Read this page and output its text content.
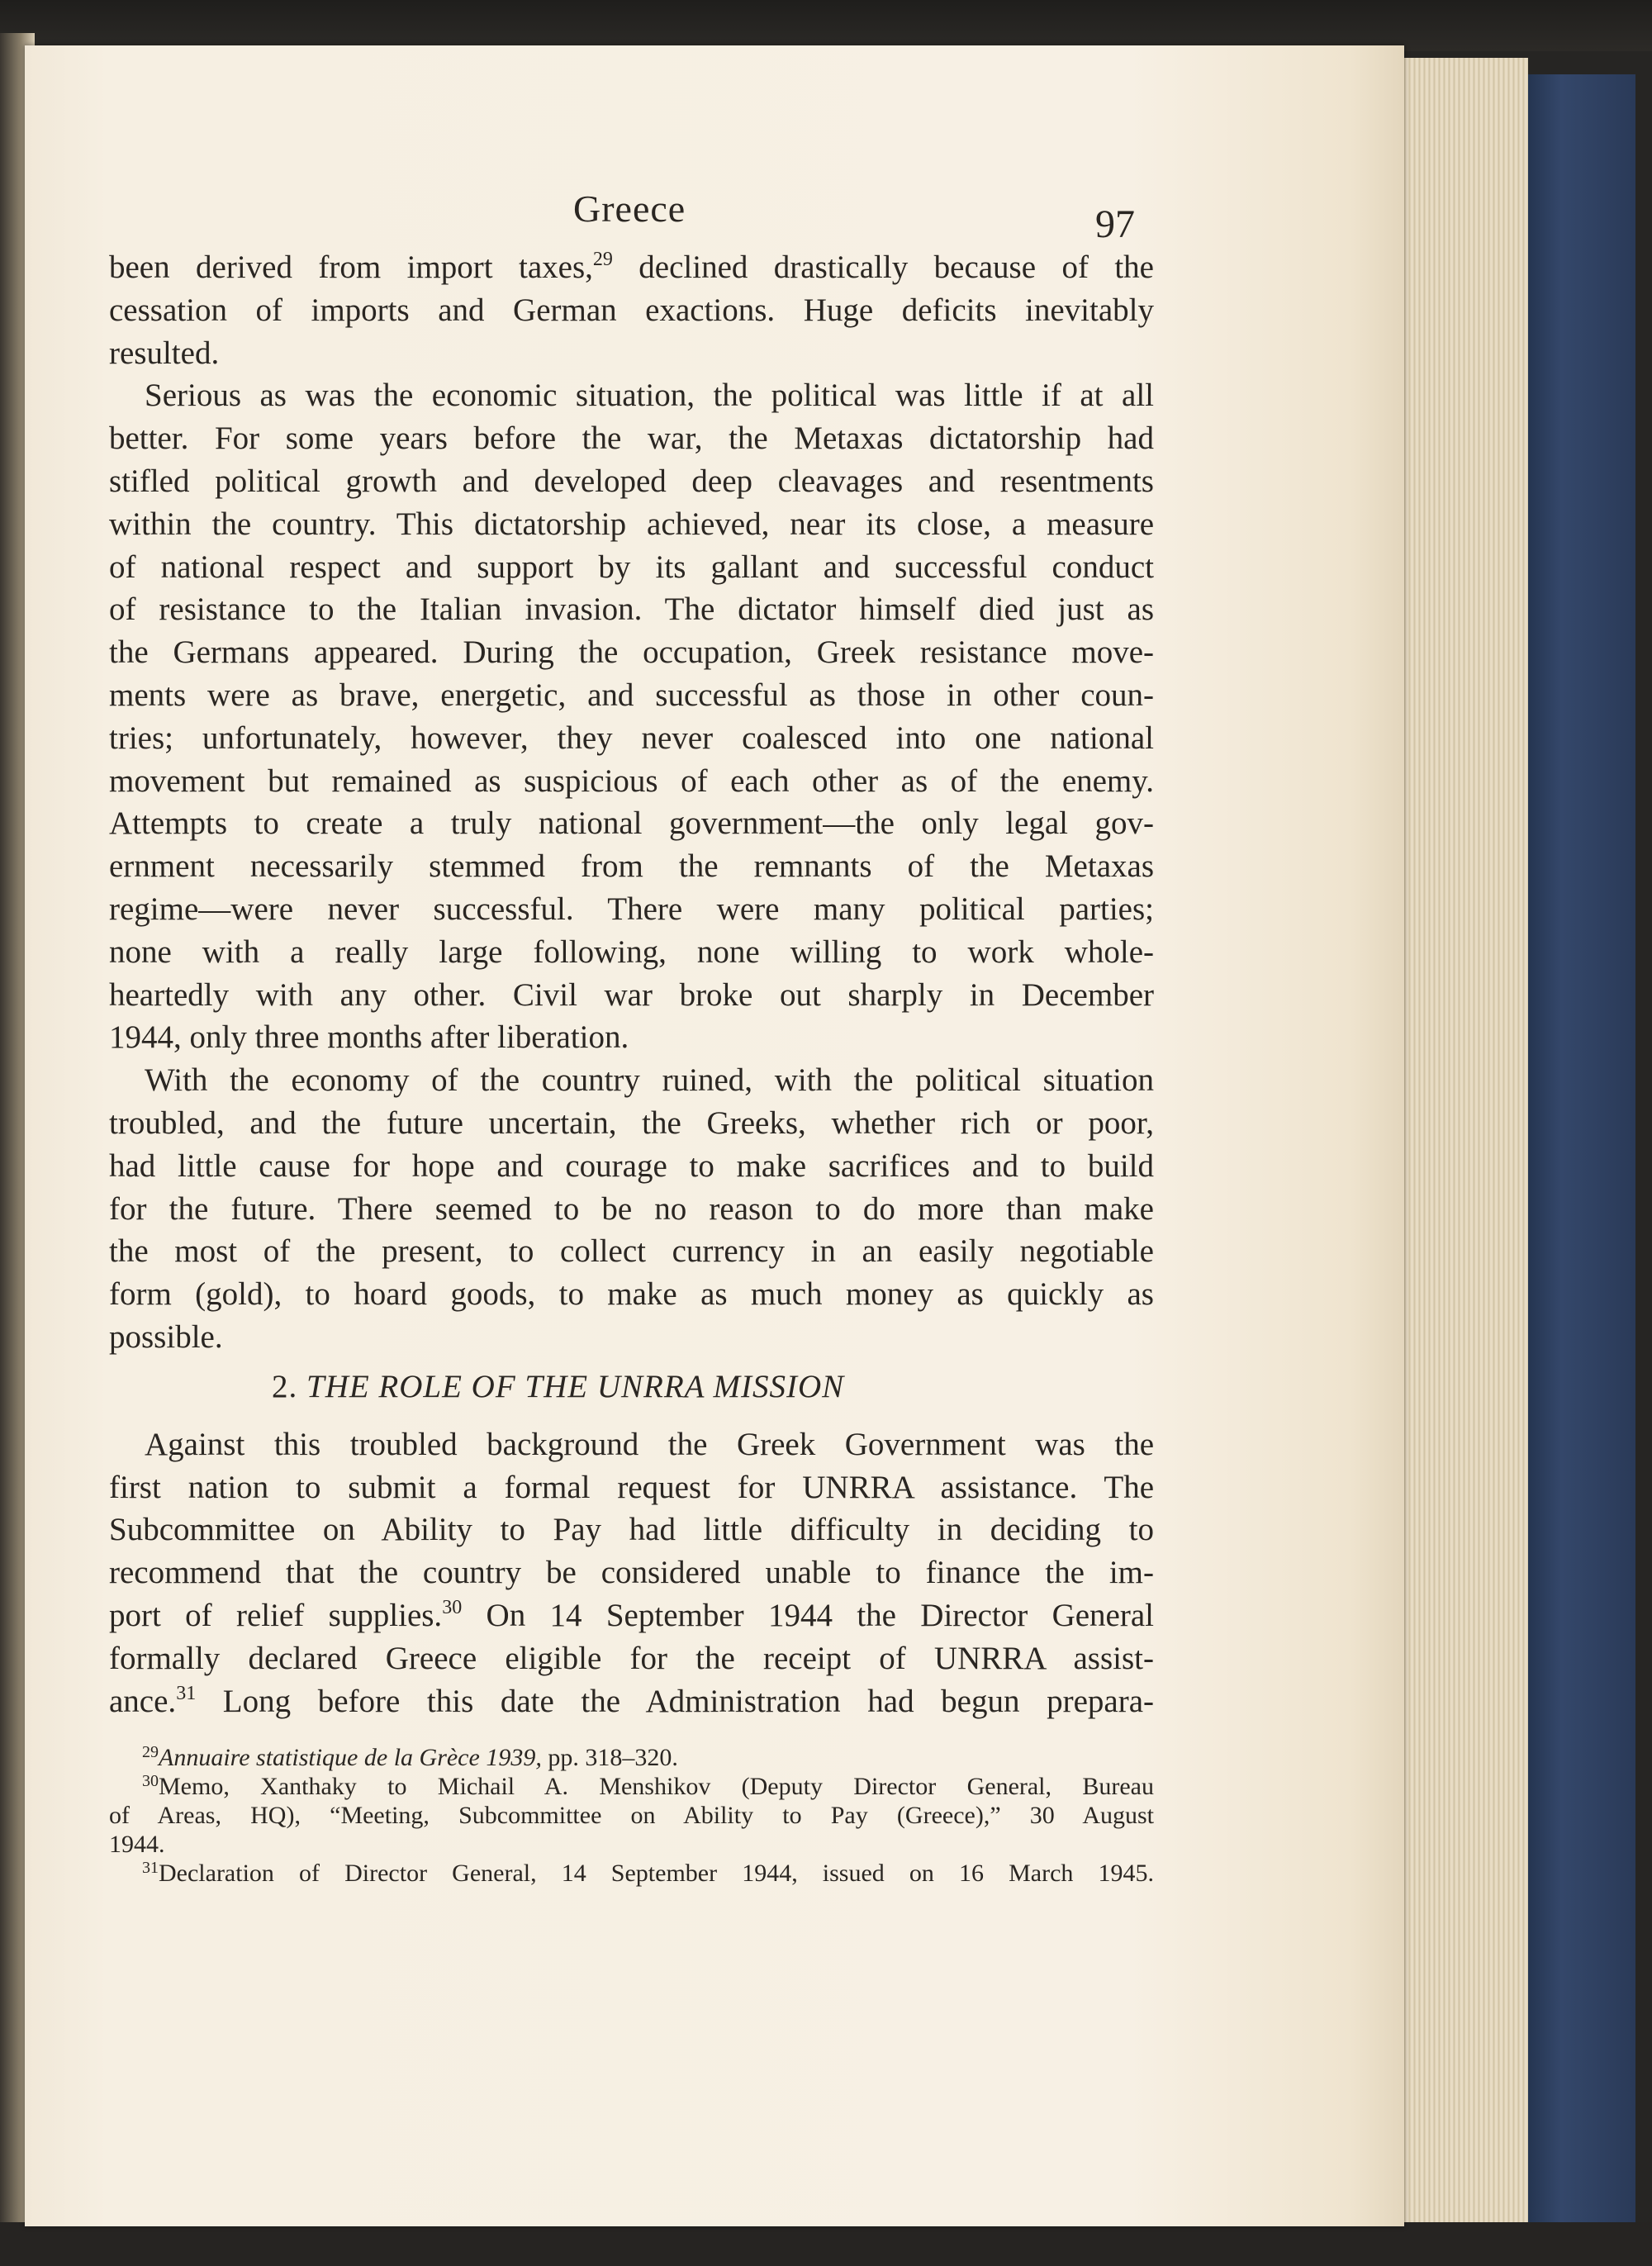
Greece	97
been derived from import taxes,$^{29}$ declined drastically because of the
cessation of imports and German exactions. Huge deficits inevitably
resulted.
Serious as was the economic situation, the political was little if at all
better. For some years before the war, the Metaxas dictatorship had
stifled political growth and developed deep cleavages and resentments
within the country. This dictatorship achieved, near its close, a measure
of national respect and support by its gallant and successful conduct
of resistance to the Italian invasion. The dictator himself died just as
the Germans appeared. During the occupation, Greek resistance move-
ments were as brave, energetic, and successful as those in other coun-
tries; unfortunately, however, they never coalesced into one national
movement but remained as suspicious of each other as of the enemy.
Attempts to create a truly national government—the only legal gov-
ernment necessarily stemmed from the remnants of the Metaxas
regime—were never successful. There were many political parties;
none with a really large following, none willing to work whole-
heartedly with any other. Civil war broke out sharply in December
1944, only three months after liberation.
With the economy of the country ruined, with the political situation
troubled, and the future uncertain, the Greeks, whether rich or poor,
had little cause for hope and courage to make sacrifices and to build
for the future. There seemed to be no reason to do more than make
the most of the present, to collect currency in an easily negotiable
form (gold), to hoard goods, to make as much money as quickly as
possible.
2. THE ROLE OF THE UNRRA MISSION
Against this troubled background the Greek Government was the
first nation to submit a formal request for UNRRA assistance. The
Subcommittee on Ability to Pay had little difficulty in deciding to
recommend that the country be considered unable to finance the im-
port of relief supplies.$^{30}$ On 14 September 1944 the Director General
formally declared Greece eligible for the receipt of UNRRA assist-
ance.$^{31}$ Long before this date the Administration had begun prepara-
$^{29}$Annuaire statistique de la Grèce 1939, pp. 318–320.
$^{30}$Memo, Xanthaky to Michail A. Menshikov (Deputy Director General, Bureau
of Areas, HQ), “Meeting, Subcommittee on Ability to Pay (Greece),” 30 August
1944.
$^{31}$Declaration of Director General, 14 September 1944, issued on 16 March 1945.
